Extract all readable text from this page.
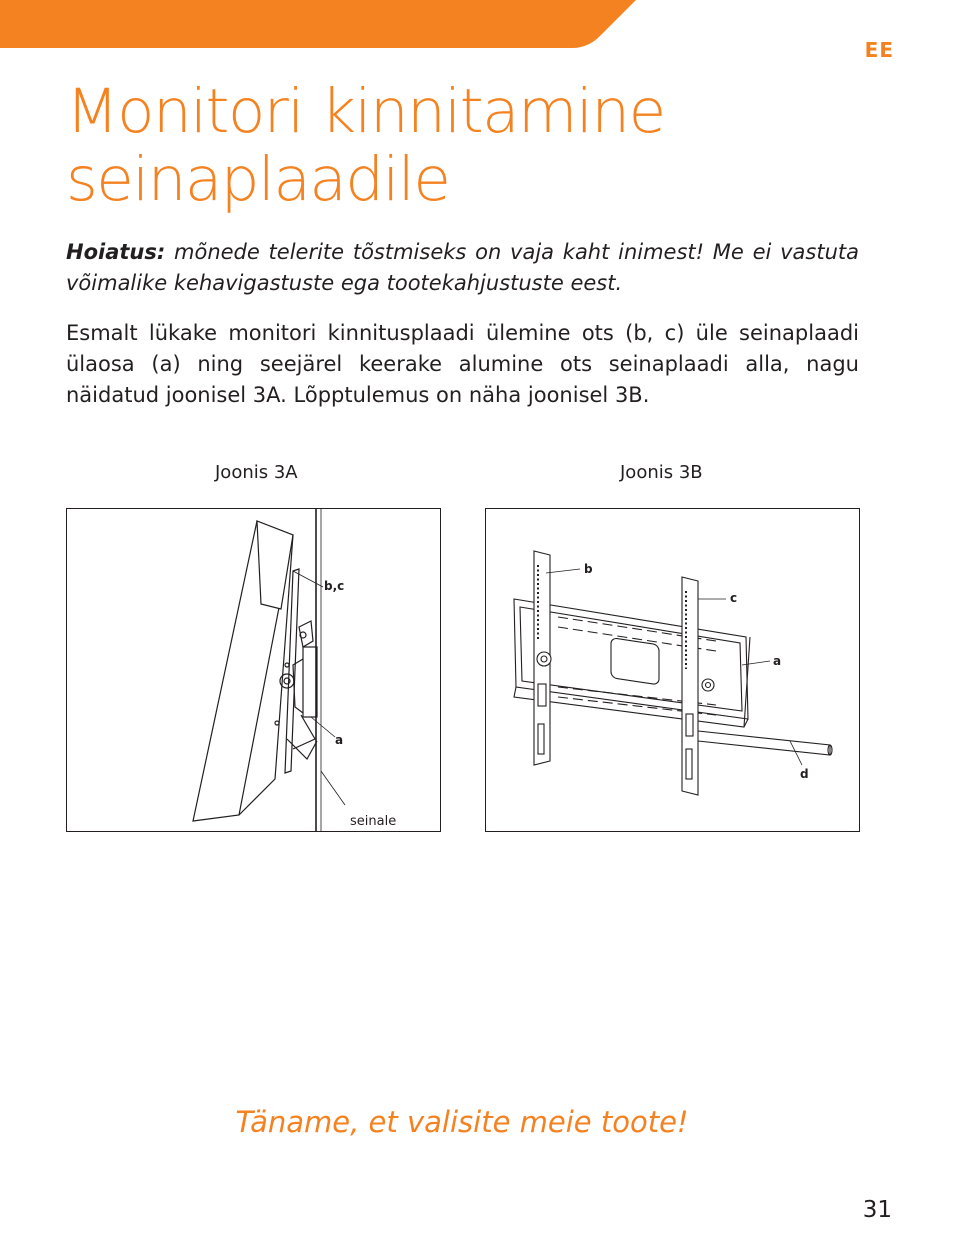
EE
Monitori kinnitamine
seinaplaadile

Hoiatus: mõnede telerite tõstmiseks on vaja kaht inimest! Me ei vastuta võimalike kehavigastuste ega tootekahjustuste eest.

Esmalt lükake monitori kinnitusplaadi ülemine ots (b, c) üle seinaplaadi ülaosa (a) ning seejärel keerake alumine ots seinaplaadi alla, nagu näidatud joonisel 3A. Lõpptulemus on näha joonisel 3B.

Joonis 3A	Joonis 3B
b,c
a
seinale
b
c
a
d
Täname, et valisite meie toote!
31
